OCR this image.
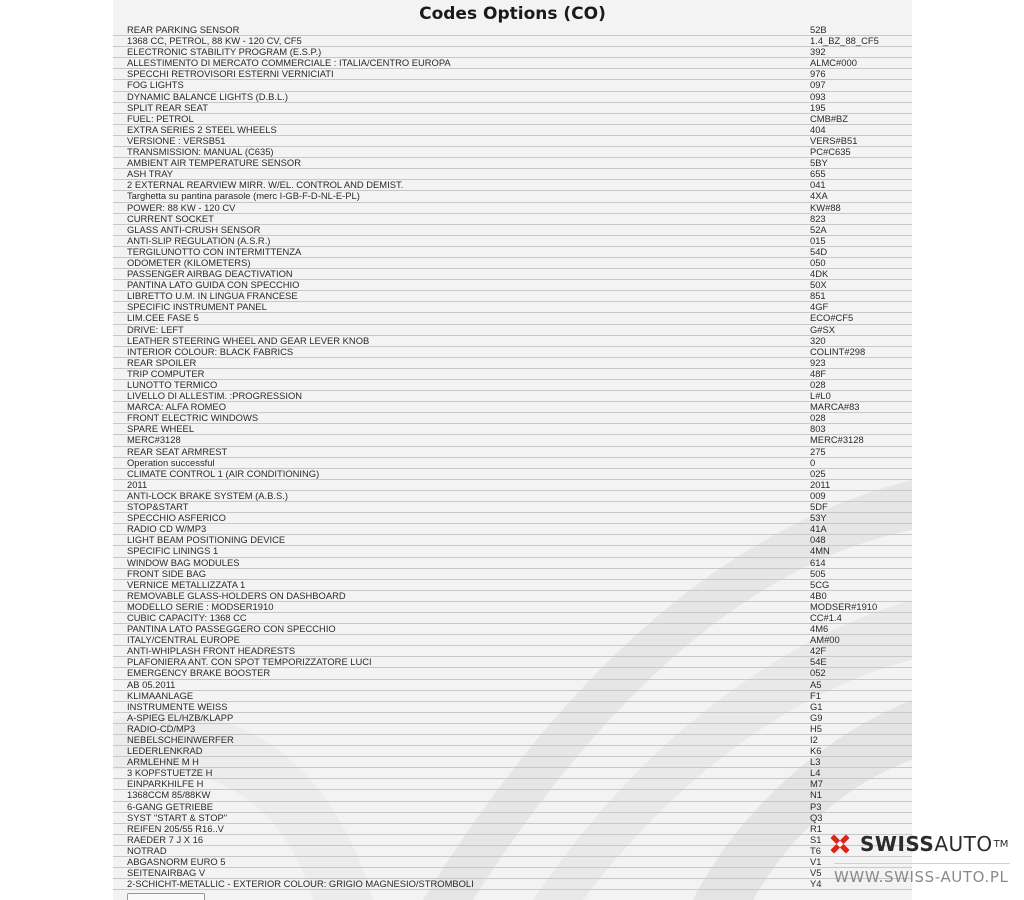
Codes Options (CO)
REAR PARKING SENSOR	52B
1368 CC, PETROL, 88 KW - 120 CV, CF5	1.4_BZ_88_CF5
ELECTRONIC STABILITY PROGRAM (E.S.P.)	392
ALLESTIMENTO DI MERCATO COMMERCIALE : ITALIA/CENTRO EUROPA	ALMC#000
SPECCHI RETROVISORI ESTERNI VERNICIATI	976
FOG LIGHTS	097
DYNAMIC BALANCE LIGHTS (D.B.L.)	093
SPLIT REAR SEAT	195
FUEL: PETROL	CMB#BZ
EXTRA SERIES 2 STEEL WHEELS	404
VERSIONE : VERSB51	VERS#B51
TRANSMISSION: MANUAL (C635)	PC#C635
AMBIENT AIR TEMPERATURE SENSOR	5BY
ASH TRAY	655
2 EXTERNAL REARVIEW MIRR. W/EL. CONTROL AND DEMIST.	041
Targhetta su pantina parasole (merc I-GB-F-D-NL-E-PL)	4XA
POWER: 88 KW - 120 CV	KW#88
CURRENT SOCKET	823
GLASS ANTI-CRUSH SENSOR	52A
ANTI-SLIP REGULATION (A.S.R.)	015
TERGILUNOTTO CON INTERMITTENZA	54D
ODOMETER (KILOMETERS)	050
PASSENGER AIRBAG DEACTIVATION	4DK
PANTINA LATO GUIDA CON SPECCHIO	50X
LIBRETTO U.M. IN LINGUA FRANCESE	851
SPECIFIC INSTRUMENT PANEL	4GF
LIM.CEE FASE 5	ECO#CF5
DRIVE: LEFT	G#SX
LEATHER STEERING WHEEL AND GEAR LEVER KNOB	320
INTERIOR COLOUR: BLACK FABRICS	COLINT#298
REAR SPOILER	923
TRIP COMPUTER	48F
LUNOTTO TERMICO	028
LIVELLO DI ALLESTIM. :PROGRESSION	L#L0
MARCA: ALFA ROMEO	MARCA#83
FRONT ELECTRIC WINDOWS	028
SPARE WHEEL	803
MERC#3128	MERC#3128
REAR SEAT ARMREST	275
Operation successful	0
CLIMATE CONTROL 1 (AIR CONDITIONING)	025
2011	2011
ANTI-LOCK BRAKE SYSTEM (A.B.S.)	009
STOP&START	5DF
SPECCHIO ASFERICO	53Y
RADIO CD W/MP3	41A
LIGHT BEAM POSITIONING DEVICE	048
SPECIFIC LININGS 1	4MN
WINDOW BAG MODULES	614
FRONT SIDE BAG	505
VERNICE METALLIZZATA 1	5CG
REMOVABLE GLASS-HOLDERS ON DASHBOARD	4B0
MODELLO SERIE : MODSER1910	MODSER#1910
CUBIC CAPACITY: 1368 CC	CC#1.4
PANTINA LATO PASSEGGERO CON SPECCHIO	4M6
ITALY/CENTRAL EUROPE	AM#00
ANTI-WHIPLASH FRONT HEADRESTS	42F
PLAFONIERA ANT. CON SPOT TEMPORIZZATORE LUCI	54E
EMERGENCY BRAKE BOOSTER	052
AB 05.2011	A5
KLIMAANLAGE	F1
INSTRUMENTE WEISS	G1
A-SPIEG EL/HZB/KLAPP	G9
RADIO-CD/MP3	H5
NEBELSCHEINWERFER	I2
LEDERLENKRAD	K6
ARMLEHNE M H	L3
3 KOPFSTUETZE H	L4
EINPARKHILFE H	M7
1368CCM 85/88KW	N1
6-GANG GETRIEBE	P3
SYST "START & STOP"	Q3
REIFEN 205/55 R16..V	R1
RAEDER 7 J X 16	S1
NOTRAD	T6
ABGASNORM EURO 5	V1
SEITENAIRBAG V	V5
2-SCHICHT-METALLIC - EXTERIOR COLOUR: GRIGIO MAGNESIO/STROMBOLI	Y4
SWISSAUTO TM
WWW.SWISS-AUTO.PL
